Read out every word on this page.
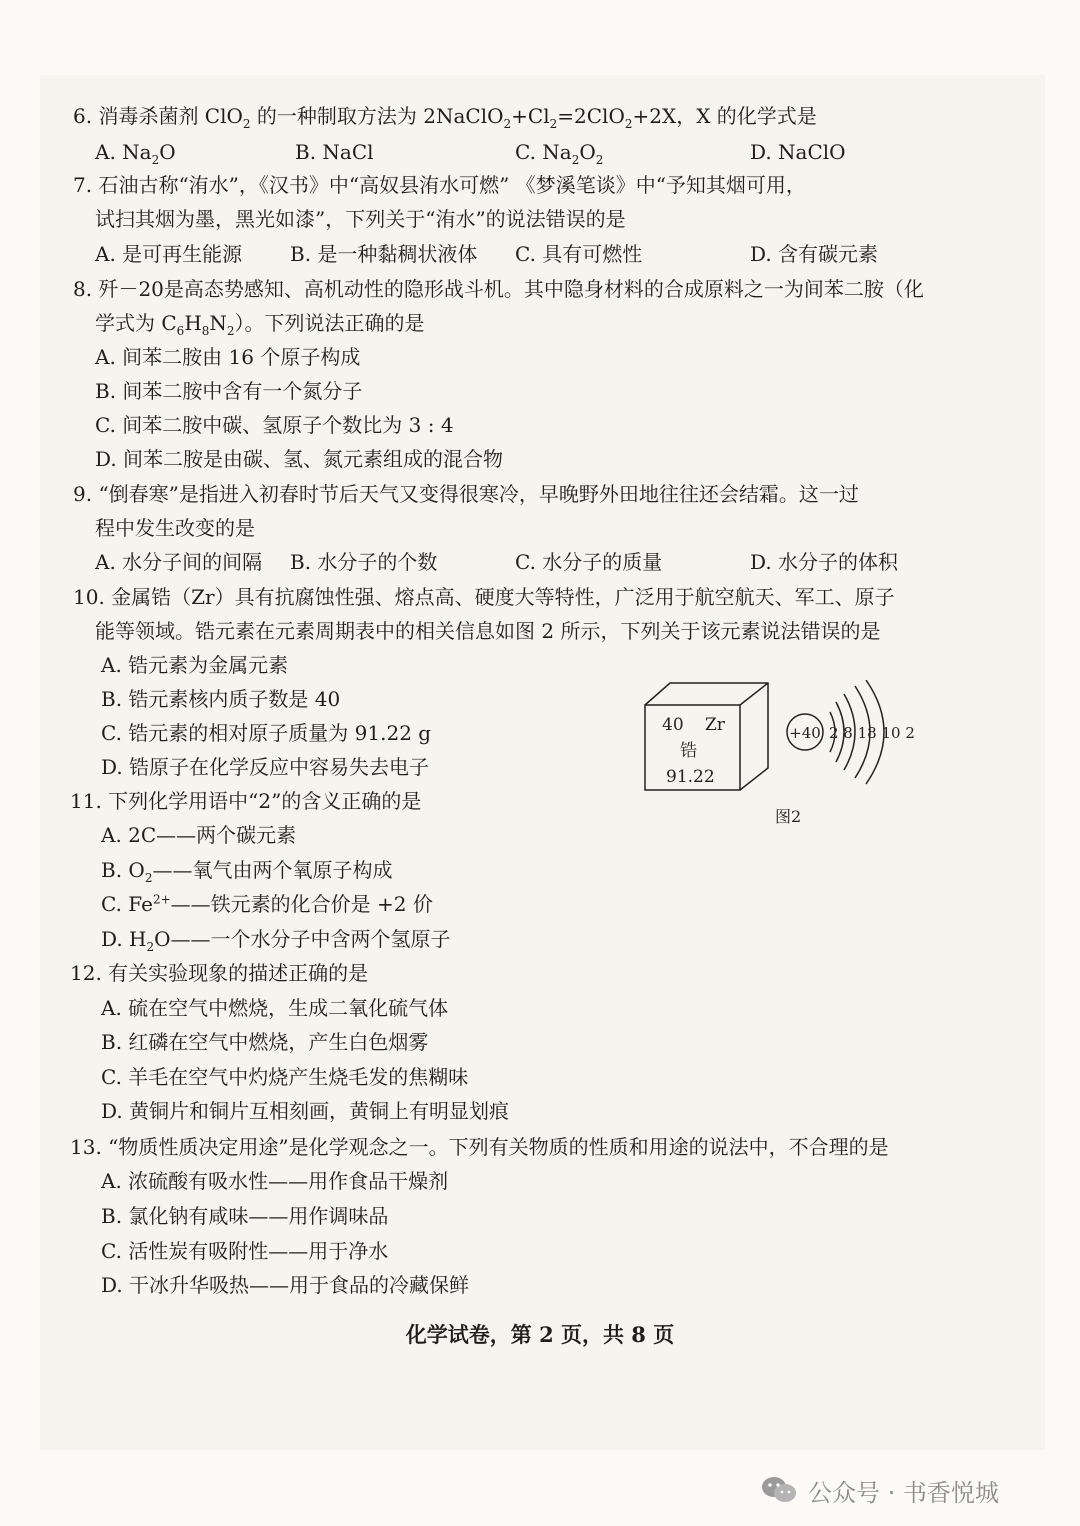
6. 消毒杀菌剂 ClO$_2$ 的一种制取方法为 $2NaClO_2+Cl_2=2ClO_2+2X$，X 的化学式是
A. $Na_2O$	B. NaCl	C. $Na_2O_2$	D. NaClO
7. 石油古称“洧水”，《汉书》中“高奴县洧水可燃” 《梦溪笔谈》中“予知其烟可用，
试扫其烟为墨，黑光如漆”，下列关于“洧水”的说法错误的是
A. 是可再生能源 B. 是一种黏稠状液体 C. 具有可燃性	D. 含有碳元素
8. 歼－20是高态势感知、高机动性的隐形战斗机。其中隐身材料的合成原料之一为间苯二胺（化
学式为 $C_6H_8N_2$）。下列说法正确的是
A. 间苯二胺由 16 个原子构成
B. 间苯二胺中含有一个氮分子
C. 间苯二胺中碳、氢原子个数比为 3 : 4
D. 间苯二胺是由碳、氢、氮元素组成的混合物
9. “倒春寒”是指进入初春时节后天气又变得很寒冷，早晚野外田地往往还会结霜。这一过
程中发生改变的是
A. 水分子间的间隔 B. 水分子的个数	C. 水分子的质量	D. 水分子的体积
10. 金属锆（Zr）具有抗腐蚀性强、熔点高、硬度大等特性，广泛用于航空航天、军工、原子
能等领域。锆元素在元素周期表中的相关信息如图 2 所示，下列关于该元素说法错误的是
A. 锆元素为金属元素
B. 锆元素核内质子数是 40
C. 锆元素的相对原子质量为 91.22 g
D. 锆原子在化学反应中容易失去电子
40 Zr
锆
91.22
+40 2 8 18 10 2
图2
11. 下列化学用语中“2”的含义正确的是
A. 2C——两个碳元素
B. $O_2——$氧气由两个氧原子构成
C. $Fe^{2+}——$铁元素的化合价是 +2 价
D. $H_2O——$一个水分子中含两个氢原子
12. 有关实验现象的描述正确的是
A. 硫在空气中燃烧，生成二氧化硫气体
B. 红磷在空气中燃烧，产生白色烟雾
C. 羊毛在空气中灼烧产生烧毛发的焦糊味
D. 黄铜片和铜片互相刻画，黄铜上有明显划痕
13. “物质性质决定用途”是化学观念之一。下列有关物质的性质和用途的说法中，不合理的是
A. 浓硫酸有吸水性——用作食品干燥剂
B. 氯化钠有咸味——用作调味品
C. 活性炭有吸附性——用于净水
D. 干冰升华吸热——用于食品的冷藏保鲜
化学试卷，第 2 页，共 8 页
公众号 · 书香悦城
